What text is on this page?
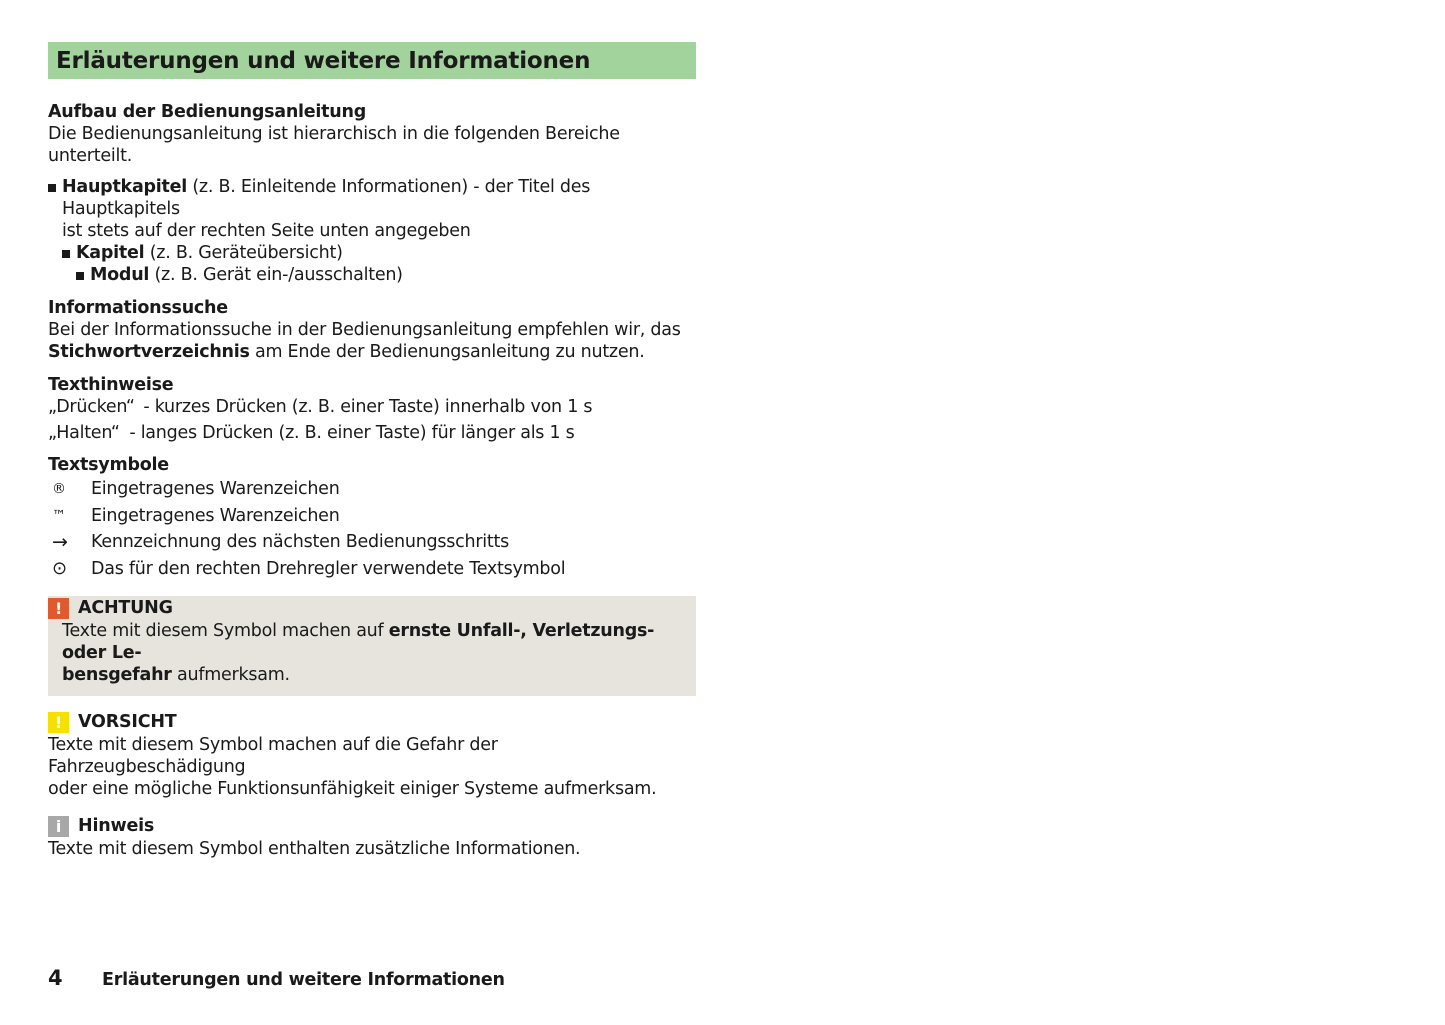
Erläuterungen und weitere Informationen

Aufbau der Bedienungsanleitung

Die Bedienungsanleitung ist hierarchisch in die folgenden Bereiche unterteilt.

Hauptkapitel (z. B. Einleitende Informationen) - der Titel des Hauptkapitels
ist stets auf der rechten Seite unten angegeben
Kapitel (z. B. Geräteübersicht)
Modul (z. B. Gerät ein-/ausschalten)

Informationssuche

Bei der Informationssuche in der Bedienungsanleitung empfehlen wir, das
Stichwortverzeichnis am Ende der Bedienungsanleitung zu nutzen.

Texthinweise

„Drücken“ - kurzes Drücken (z. B. einer Taste) innerhalb von 1 s
„Halten“ - langes Drücken (z. B. einer Taste) für länger als 1 s

Textsymbole

®	Eingetragenes Warenzeichen
™	Eingetragenes Warenzeichen
→	Kennzeichnung des nächsten Bedienungsschritts
⊙	Das für den rechten Drehregler verwendete Textsymbol
! ACHTUNG

Texte mit diesem Symbol machen auf ernste Unfall-, Verletzungs- oder Le-
bensgefahr aufmerksam.

! VORSICHT

Texte mit diesem Symbol machen auf die Gefahr der Fahrzeugbeschädigung
oder eine mögliche Funktionsunfähigkeit einiger Systeme aufmerksam.

i Hinweis

Texte mit diesem Symbol enthalten zusätzliche Informationen.

4	Erläuterungen und weitere Informationen
